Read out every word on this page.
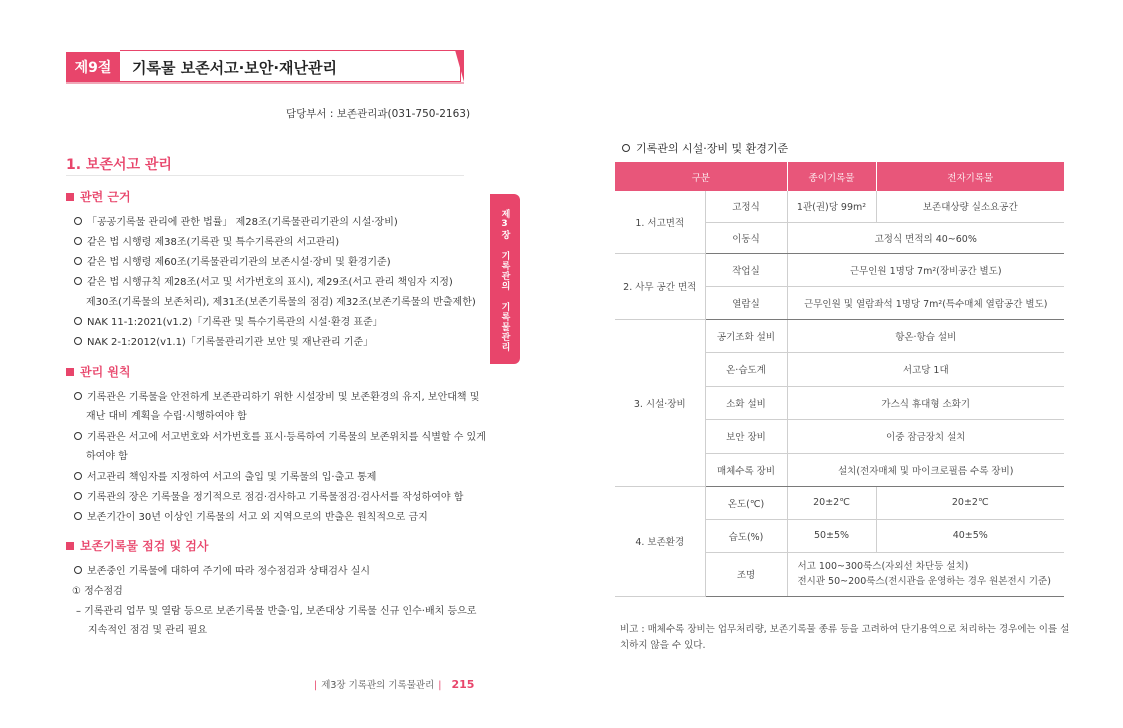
제9절	기록물 보존서고·보안·재난관리
담당부서 : 보존관리과(031-750-2163)
1. 보존서고 관리
관련 근거
「공공기록물 관리에 관한 법률」 제28조(기록물관리기관의 시설·장비)
같은 법 시행령 제38조(기록관 및 특수기록관의 서고관리)
같은 법 시행령 제60조(기록물관리기관의 보존시설·장비 및 환경기준)
같은 법 시행규칙 제28조(서고 및 서가번호의 표시), 제29조(서고 관리 책임자 지정)
제30조(기록물의 보존처리), 제31조(보존기록물의 점검) 제32조(보존기록물의 반출제한)
NAK 11-1:2021(v1.2)「기록관 및 특수기록관의 시설·환경 표준」
NAK 2-1:2012(v1.1)「기록물관리기관 보안 및 재난관리 기준」
관리 원칙
기록관은 기록물을 안전하게 보존관리하기 위한 시설장비 및 보존환경의 유지, 보안대책 및
재난 대비 계획을 수립·시행하여야 함
기록관은 서고에 서고번호와 서가번호를 표시·등록하여 기록물의 보존위치를 식별할 수 있게
하여야 함
서고관리 책임자를 지정하여 서고의 출입 및 기록물의 입·출고 통제
기록관의 장은 기록물을 정기적으로 점검·검사하고 기록물점검·검사서를 작성하여야 함
보존기간이 30년 이상인 기록물의 서고 외 지역으로의 반출은 원칙적으로 금지
보존기록물 점검 및 검사
보존중인 기록물에 대하여 주기에 따라 정수점검과 상태검사 실시
① 정수점검
– 기록관리 업무 및 열람 등으로 보존기록물 반출·입, 보존대상 기록물 신규 인수·배치 등으로
지속적인 점검 및 관리 필요
제3장 기록관의 기록물관리
| 제3장 기록관의 기록물관리 | 215
기록관의 시설·장비 및 환경기준
구분		종이기록물	전자기록물
1. 서고면적	고정식	1관(권)당 99m²	보존대상량 실소요공간
	이동식	고정식 면적의 40~60%	
2. 사무 공간 면적	작업실	근무인원 1명당 7m²(장비공간 별도)	
	열람실	근무인원 및 열람좌석 1명당 7m²(특수매체 열람공간 별도)	
3. 시설·장비	공기조화 설비	항온·항습 설비	
	온·습도계	서고당 1대	
	소화 설비	가스식 휴대형 소화기	
	보안 장비	이중 잠금장치 설치	
	매체수록 장비	설치(전자매체 및 마이크로필름 수록 장비)	
4. 보존환경	온도(℃)	20±2℃	20±2℃
	습도(%)	50±5%	40±5%
	조명	서고 100~300룩스(자외선 차단등 설치)
전시관 50~200룩스(전시관을 운영하는 경우 원본전시 기준)	
비고 : 매체수록 장비는 업무처리량, 보존기록물 종류 등을 고려하여 단기용역으로 처리하는 경우에는 이를 설치하지 않을 수 있다.
